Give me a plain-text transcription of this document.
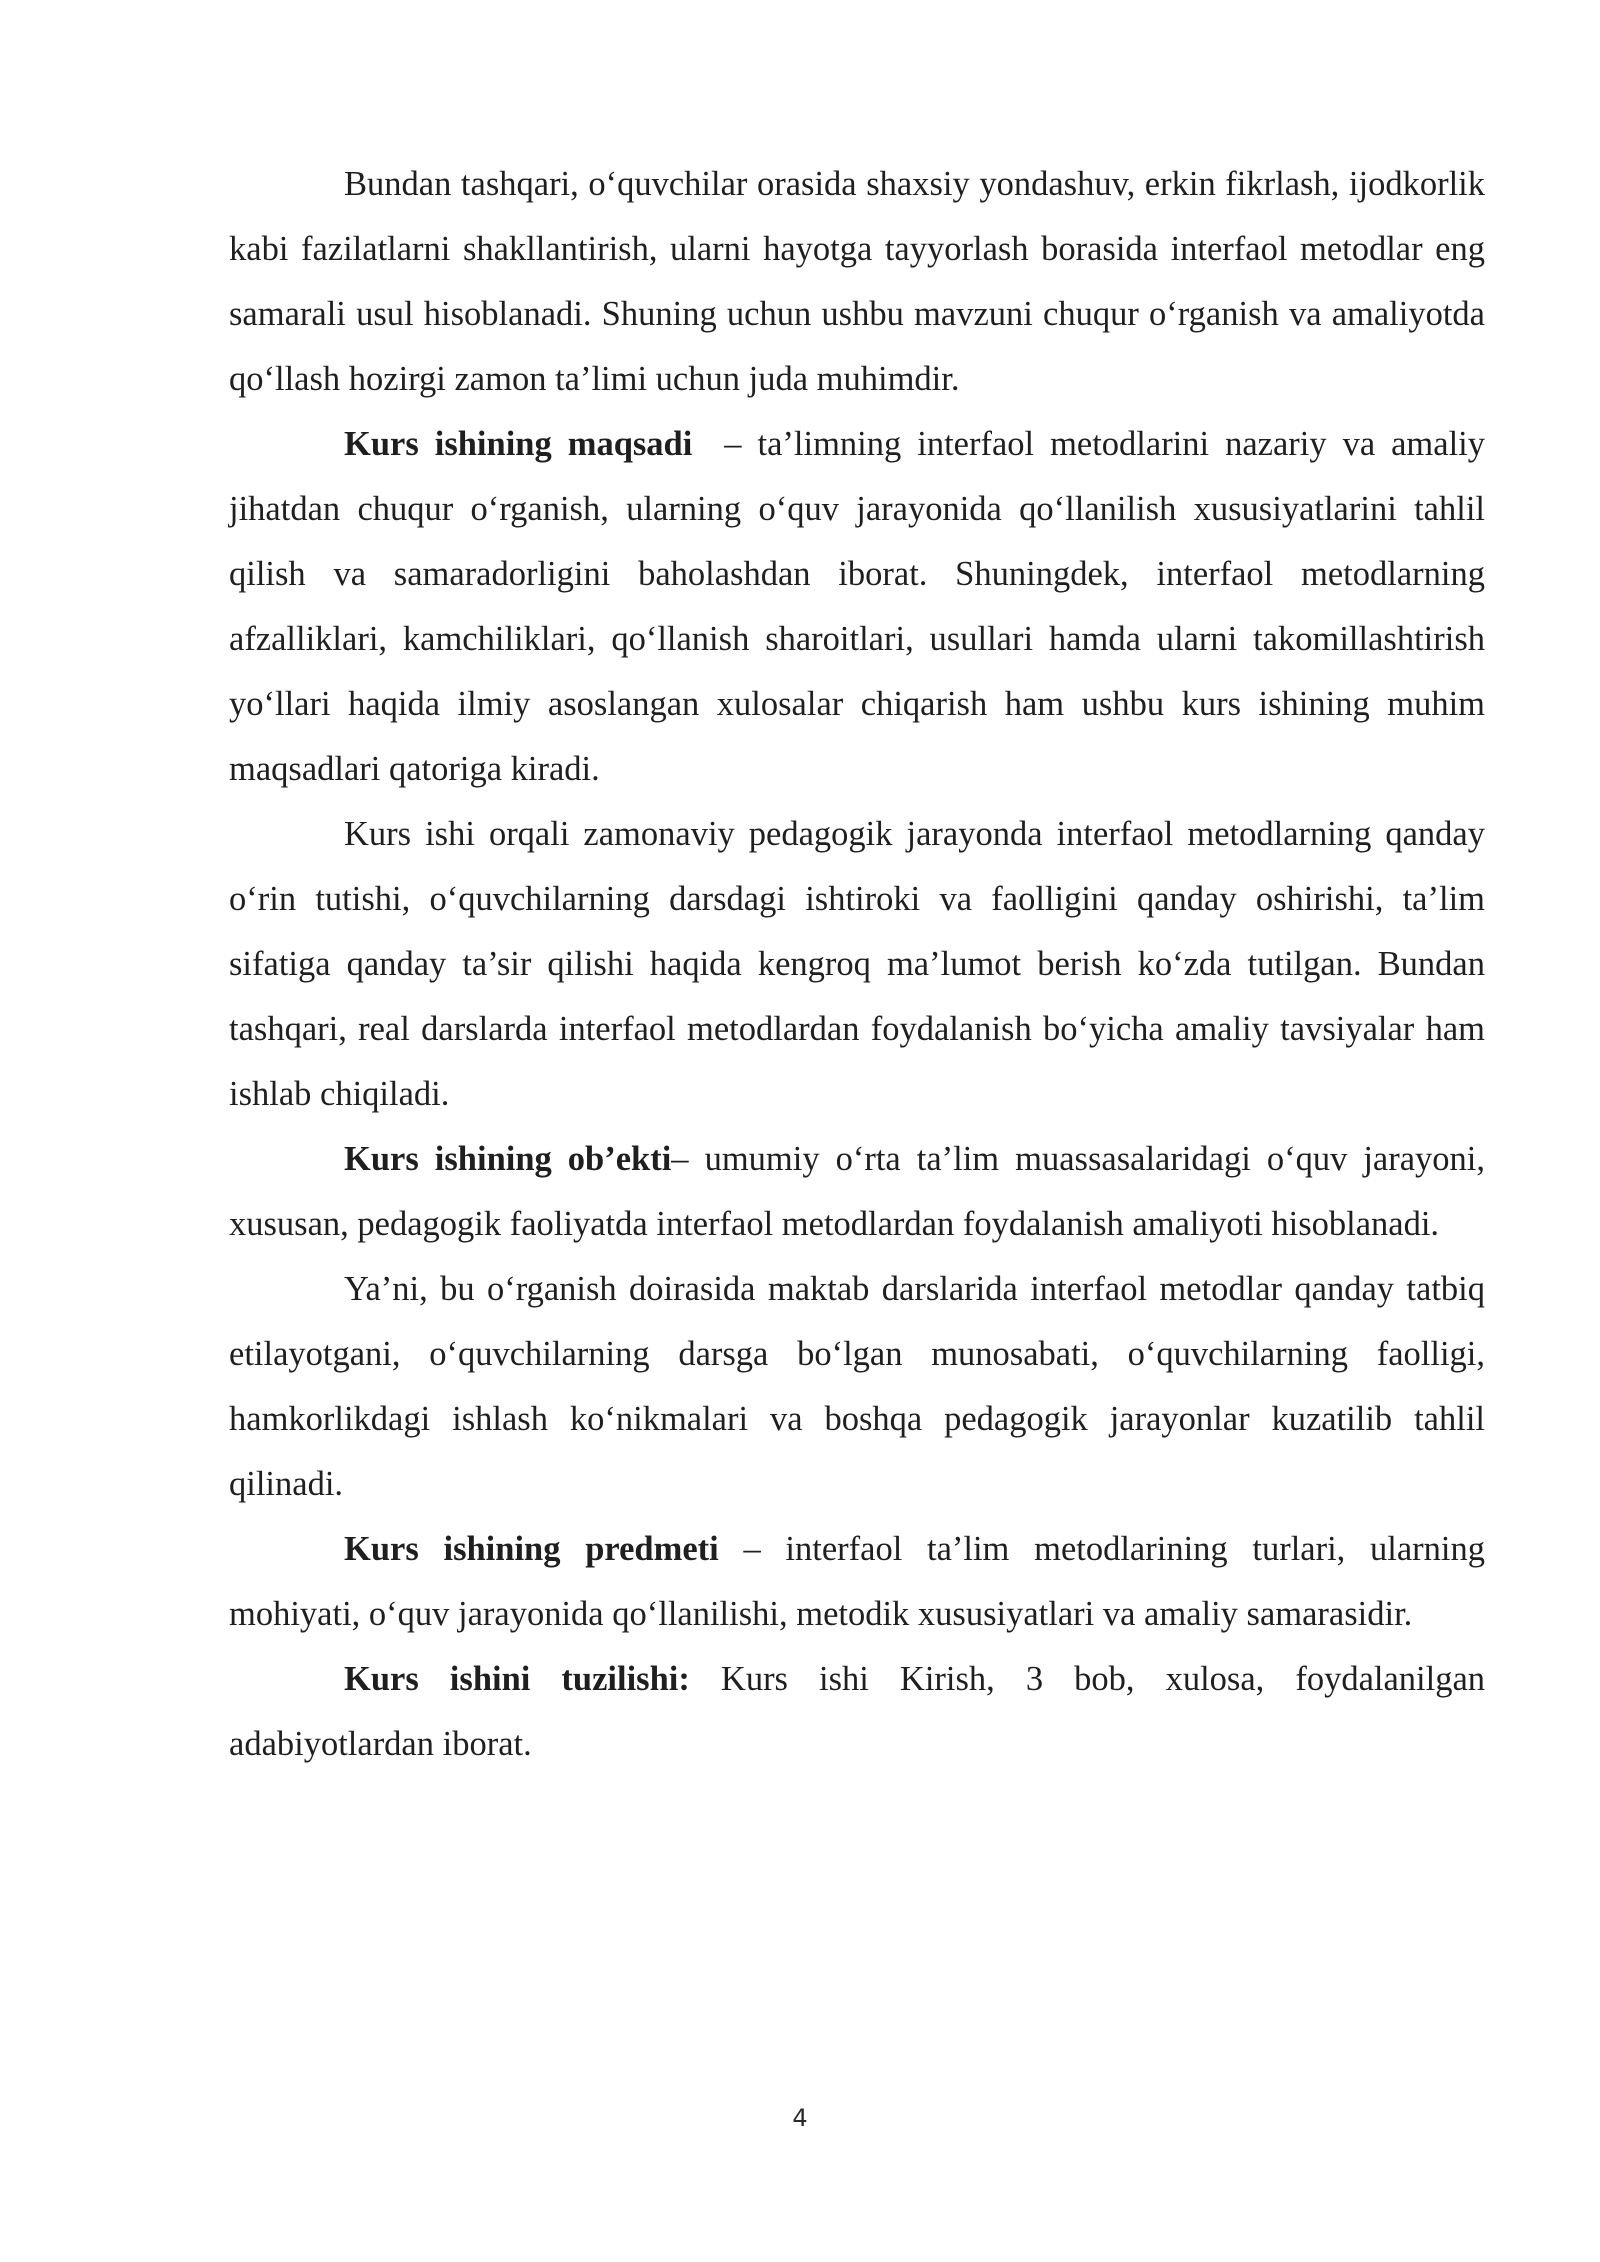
Bundan tashqari, o‘quvchilar orasida shaxsiy yondashuv, erkin fikrlash, ijodkorlik kabi fazilatlarni shakllantirish, ularni hayotga tayyorlash borasida interfaol metodlar eng samarali usul hisoblanadi. Shuning uchun ushbu mavzuni chuqur o‘rganish va amaliyotda qo‘llash hozirgi zamon ta’limi uchun juda muhimdir.

Kurs ishining maqsadi  – ta’limning interfaol metodlarini nazariy va amaliy jihatdan chuqur o‘rganish, ularning o‘quv jarayonida qo‘llanilish xususiyatlarini tahlil qilish va samaradorligini baholashdan iborat. Shuningdek, interfaol metodlarning afzalliklari, kamchiliklari, qo‘llanish sharoitlari, usullari hamda ularni takomillashtirish yo‘llari haqida ilmiy asoslangan xulosalar chiqarish ham ushbu kurs ishining muhim maqsadlari qatoriga kiradi.

Kurs ishi orqali zamonaviy pedagogik jarayonda interfaol metodlarning qanday o‘rin tutishi, o‘quvchilarning darsdagi ishtiroki va faolligini qanday oshirishi, ta’lim sifatiga qanday ta’sir qilishi haqida kengroq ma’lumot berish ko‘zda tutilgan. Bundan tashqari, real darslarda interfaol metodlardan foydalanish bo‘yicha amaliy tavsiyalar ham ishlab chiqiladi.

Kurs ishining ob’ekti– umumiy o‘rta ta’lim muassasalaridagi o‘quv jarayoni, xususan, pedagogik faoliyatda interfaol metodlardan foydalanish amaliyoti hisoblanadi.

Ya’ni, bu o‘rganish doirasida maktab darslarida interfaol metodlar qanday tatbiq etilayotgani, o‘quvchilarning darsga bo‘lgan munosabati, o‘quvchilarning faolligi, hamkorlikdagi ishlash ko‘nikmalari va boshqa pedagogik jarayonlar kuzatilib tahlil qilinadi.

Kurs ishining predmeti – interfaol ta’lim metodlarining turlari, ularning mohiyati, o‘quv jarayonida qo‘llanilishi, metodik xususiyatlari va amaliy samarasidir.

Kurs ishini tuzilishi: Kurs ishi Kirish, 3 bob, xulosa, foydalanilgan adabiyotlardan iborat.

4
